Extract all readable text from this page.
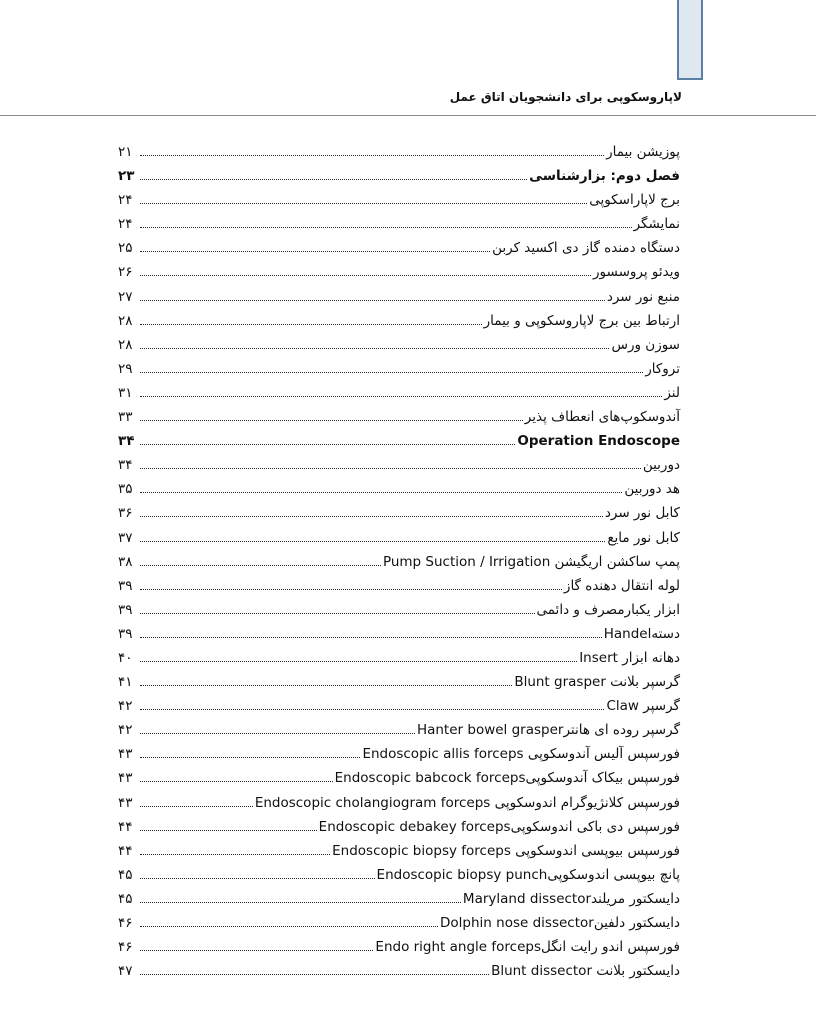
لاپاروسکوپی برای دانشجویان اتاق عمل
پوزیشن بیمار
۲۱
فصل دوم: بزارشناسی
۲۳
برج لاپاراسکوپی
۲۴
نمایشگر
۲۴
دستگاه دمنده گاز دی اکسید کربن
۲۵
ویدئو پروسسور
۲۶
منبع نور سرد
۲۷
ارتباط بین برج لاپاروسکوپی و بیمار
۲۸
سوزن ورس
۲۸
تروکار
۲۹
لنز
۳۱
آندوسکوپ‌های انعطاف پذیر
۳۳
Operation Endoscope
۳۴
دوربین
۳۴
هد دوربین
۳۵
کابل نور سرد
۳۶
کابل نور مایع
۳۷
پمپ ساکشن اریگیشن Pump Suction / Irrigation
۳۸
لوله انتقال دهنده گاز
۳۹
ابزار یکبارمصرف و دائمی
۳۹
دستهHandel
۳۹
دهانه ابزار Insert
۴۰
گرسپر بلانت Blunt grasper
۴۱
گرسپر Claw
۴۲
گرسپر روده ای هانترHanter bowel grasper
۴۲
فورسپس آلیس آندوسکوپی Endoscopic allis forceps
۴۳
فورسپس بیکاک آندوسکوپیEndoscopic babcock forceps
۴۳
فورسپس کلانژیوگرام اندوسکوپی Endoscopic cholangiogram forceps
۴۳
فورسپس دی باکی اندوسکوپیEndoscopic debakey forceps
۴۴
فورسپس بیوپسی اندوسکوپی Endoscopic biopsy forceps
۴۴
پانچ بیوپسی اندوسکوپیEndoscopic biopsy punch
۴۵
دایسکتور مریلندMaryland dissector
۴۵
دایسکتور دلفینDolphin nose dissector
۴۶
فورسپس اندو رایت انگلEndo right angle forceps
۴۶
دایسکتور بلانت Blunt dissector
۴۷
